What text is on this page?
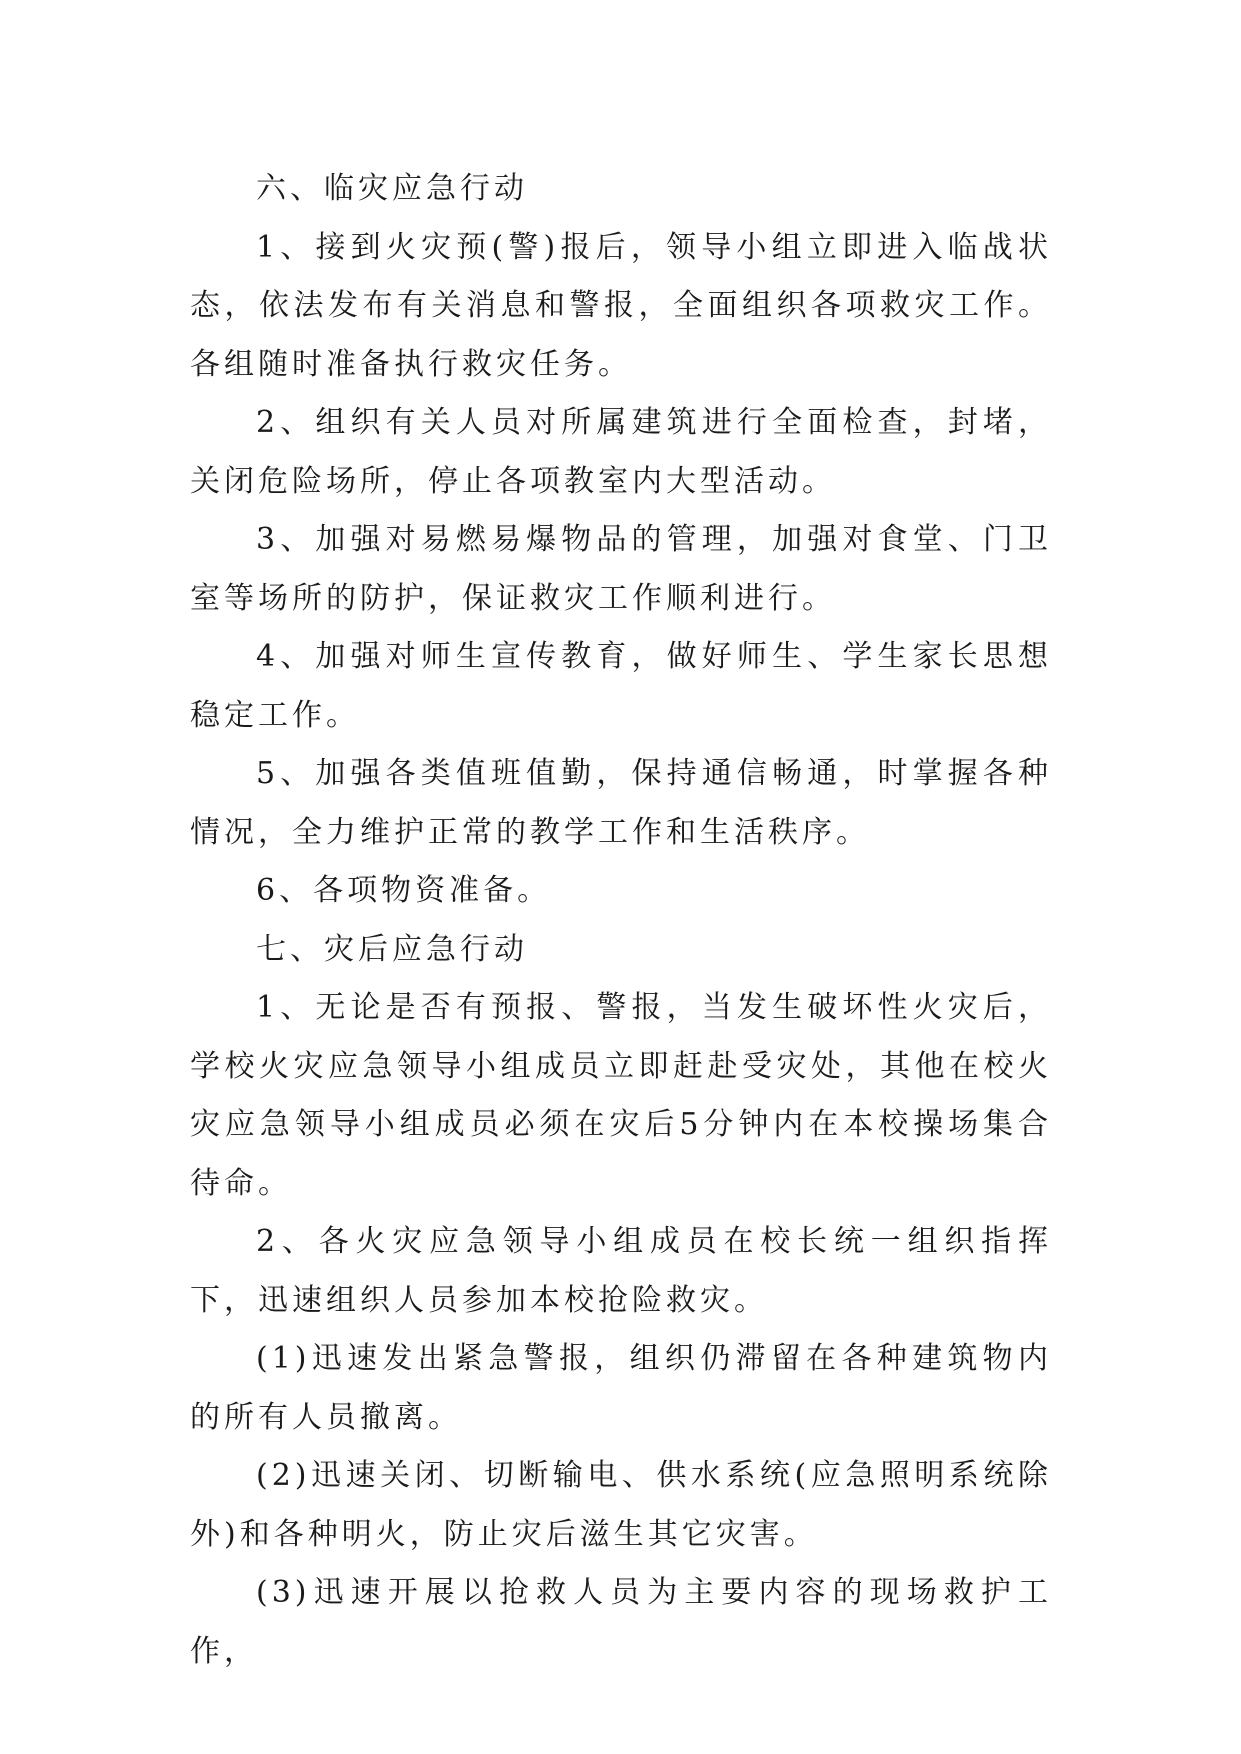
六、临灾应急行动

1、接到火灾预(警)报后，领导小组立即进入临战状态，依法发布有关消息和警报，全面组织各项救灾工作。各组随时准备执行救灾任务。

2、组织有关人员对所属建筑进行全面检查，封堵，关闭危险场所，停止各项教室内大型活动。

3、加强对易燃易爆物品的管理，加强对食堂、门卫室等场所的防护，保证救灾工作顺利进行。

4、加强对师生宣传教育，做好师生、学生家长思想稳定工作。

5、加强各类值班值勤，保持通信畅通，时掌握各种情况，全力维护正常的教学工作和生活秩序。

6、各项物资准备。

七、灾后应急行动

1、无论是否有预报、警报，当发生破坏性火灾后，学校火灾应急领导小组成员立即赶赴受灾处，其他在校火灾应急领导小组成员必须在灾后5分钟内在本校操场集合待命。

2、各火灾应急领导小组成员在校长统一组织指挥下，迅速组织人员参加本校抢险救灾。

(1)迅速发出紧急警报，组织仍滞留在各种建筑物内的所有人员撤离。

(2)迅速关闭、切断输电、供水系统(应急照明系统除外)和各种明火，防止灾后滋生其它灾害。

(3)迅速开展以抢救人员为主要内容的现场救护工作，
